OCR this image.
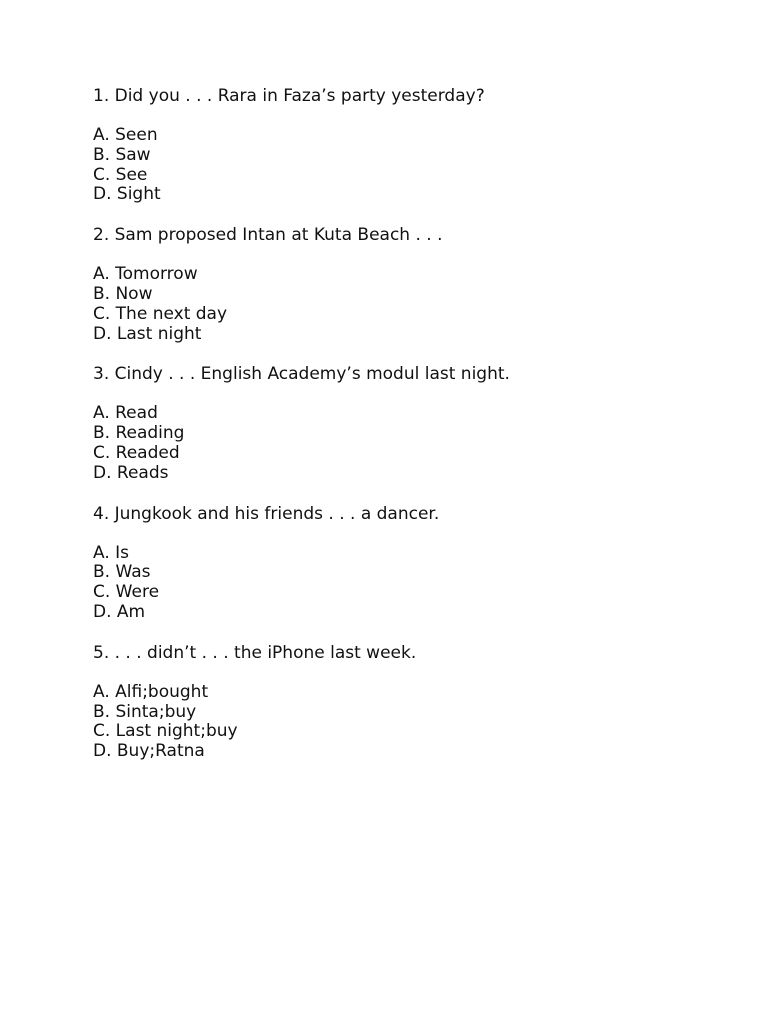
1. Did you . . . Rara in Faza’s party yesterday?
A. Seen
B. Saw
C. See
D. Sight
2. Sam proposed Intan at Kuta Beach . . .
A. Tomorrow
B. Now
C. The next day
D. Last night
3. Cindy . . . English Academy’s modul last night.
A. Read
B. Reading
C. Readed
D. Reads
4. Jungkook and his friends . . . a dancer.
A. Is
B. Was
C. Were
D. Am
5. . . . didn’t . . . the iPhone last week.
A. Alfi;bought
B. Sinta;buy
C. Last night;buy
D. Buy;Ratna
